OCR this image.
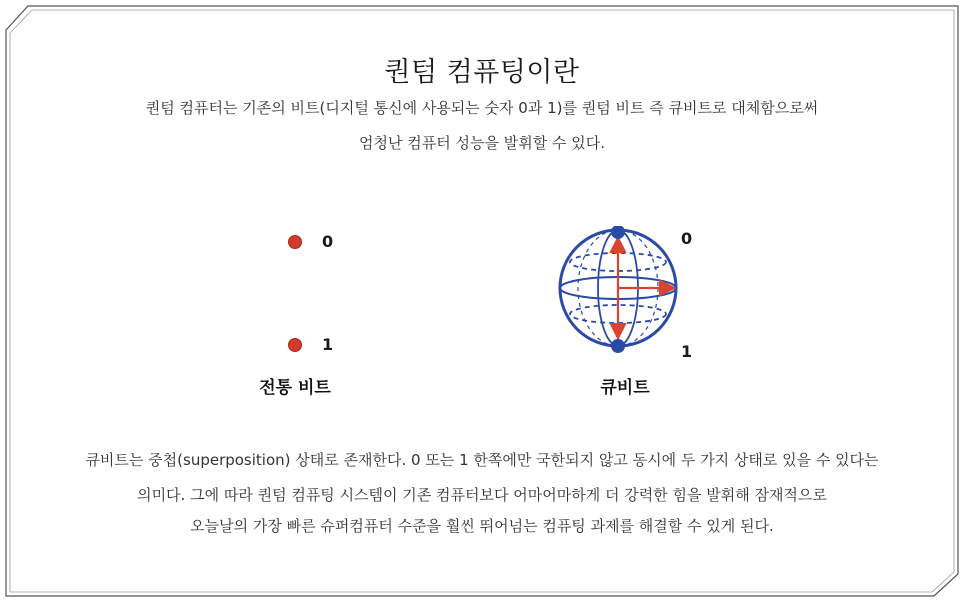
퀀텀 컴퓨팅이란
퀀텀 컴퓨터는 기존의 비트(디지털 통신에 사용되는 숫자 0과 1)를 퀀텀 비트 즉 큐비트로 대체함으로써
엄청난 컴퓨터 성능을 발휘할 수 있다.
0
1
전통 비트
0
1
큐비트
큐비트는 중첩(superposition) 상태로 존재한다. 0 또는 1 한쪽에만 국한되지 않고 동시에 두 가지 상태로 있을 수 있다는
의미다. 그에 따라 퀀텀 컴퓨팅 시스템이 기존 컴퓨터보다 어마어마하게 더 강력한 힘을 발휘해 잠재적으로
오늘날의 가장 빠른 슈퍼컴퓨터 수준을 훨씬 뛰어넘는 컴퓨팅 과제를 해결할 수 있게 된다.
